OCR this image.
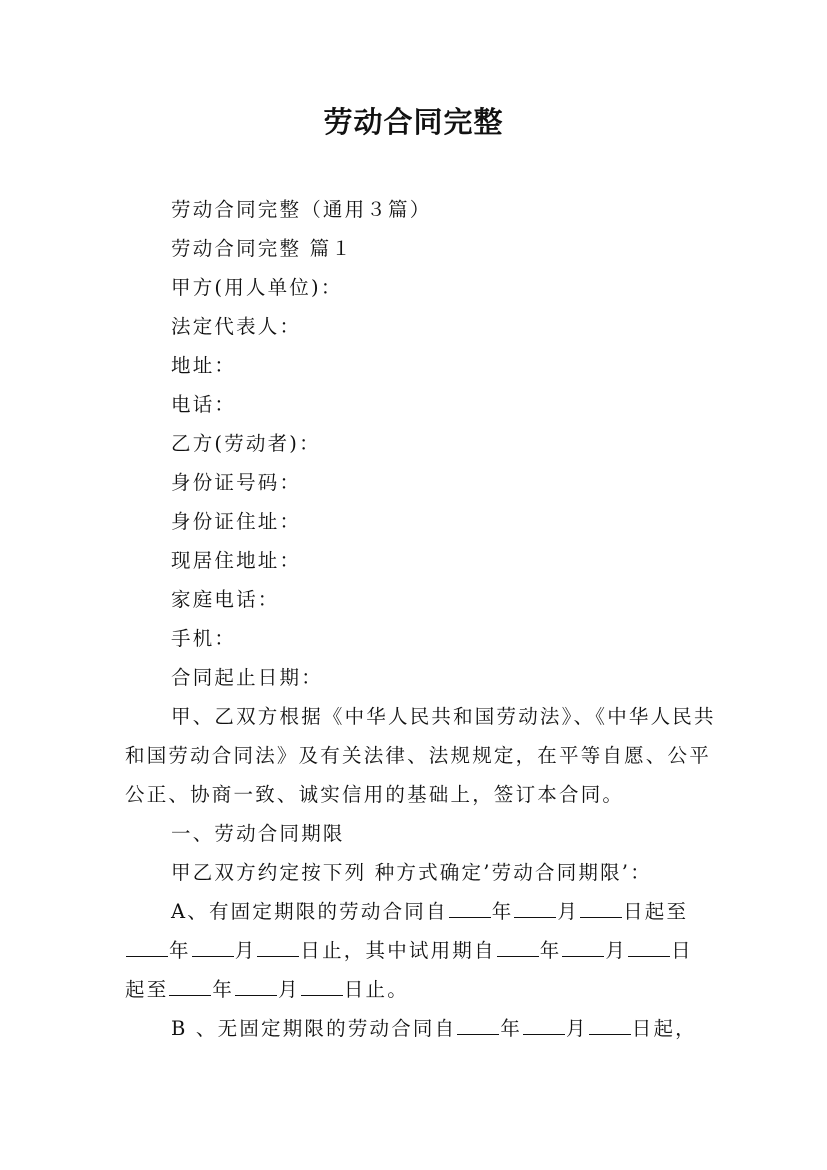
劳动合同完整
劳动合同完整（通用３篇）
劳动合同完整 篇１
甲方(用人单位)：
法定代表人：
地址：
电话：
乙方(劳动者)：
身份证号码：
身份证住址：
现居住地址：
家庭电话：
手机：
合同起止日期：
甲、乙双方根据《中华人民共和国劳动法》、《中华人民共和国劳动合同法》及有关法律、法规规定，在平等自愿、公平公正、协商一致、诚实信用的基础上，签订本合同。
一、劳动合同期限
甲乙双方约定按下列 种方式确定’劳动合同期限’：
A、有固定期限的劳动合同自 年 月 日起至
年 月 日止，其中试用期自 年 月 日
起至 年 月 日止。
B 、无固定期限的劳动合同自 年 月 日起，
